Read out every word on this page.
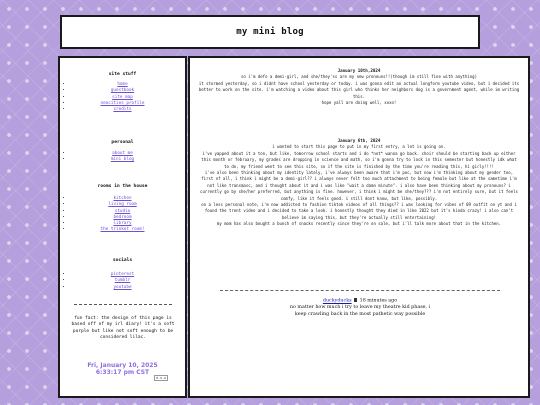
my mini blog

site stuff

• home
• guestbook
• site map
• neocities profile
• credits

personal

• about me
• mini blog

rooms in the house

• kitchen
• living room
• studio
• bedroom
• library
• the trinket room!

socials

• pinterest
• tumblr
• youtube
fun fact: the design of this page is based off of my irl diary! it's a soft purple but like not soft enough to be considered lilac.
Fri, January 10, 2025
6:33:17 pm CST
d.o.w

January 10th,2024

so i'm defo a demi-girl, and she/they'ss are my new pronouns!!(though im still fine with anything)

it stormed yesterday, so i didnt have school yesterday or today. i was gonna edit an actual longform youtube video, but i decided its better to work on the site. i'm watching a video about this girl who thinks her neighbors dog is a government agent, while im writing this.

hope yall are doing well, xoxo!

January 6th, 2024

i wanted to start this page to put in my first entry, a lot is going on.

i've yapped about it a ton, but like, tomorrow school starts and i do *not* wanna go back. choir should be starting back up either this month or february, my grades are dropping in science and math, so i'm gonna try to lock in this semester but honestly idk what to do, my friend went to see this site, so if the site is finished by the time you're reading this, hi girly!!!!

i've also been thinking about my identity lately, i've always been aware that i'm poc, but now i'm thinking about my gender too, first of all, i think i might be a demi-girl?? i always never felt too much attachment to being female but like at the sametime i'm not like transmasc, and i thought about it and i was like "wait a damn minute". i also have been thinking about my pronouns? i currently go by she/her preferred, but anything is fine. however, i think i might be she/they??? i'm not entirely sure, but it feels comfy, like it feels good. i still dont know, but like, possibly.

on a less personal note, i'm now addicted to fashion tiktok videos of all things?? i was looking for vibes of 09 outfit on yt and i found the trent video and i decided to take a look. i honestly thought they died in like 2022 but it's kinda crazy! i also can't believe im saying this, but they're actually still entertaining!

my mom has also bought a bunch of snacks recently since they're on sale, but i'll talk more about that in the kitchen.

duckyducks 18 minutes ago
no matter how much i try to leave my theatre kid phase, i
keep crawling back in the most pathetic way possible
